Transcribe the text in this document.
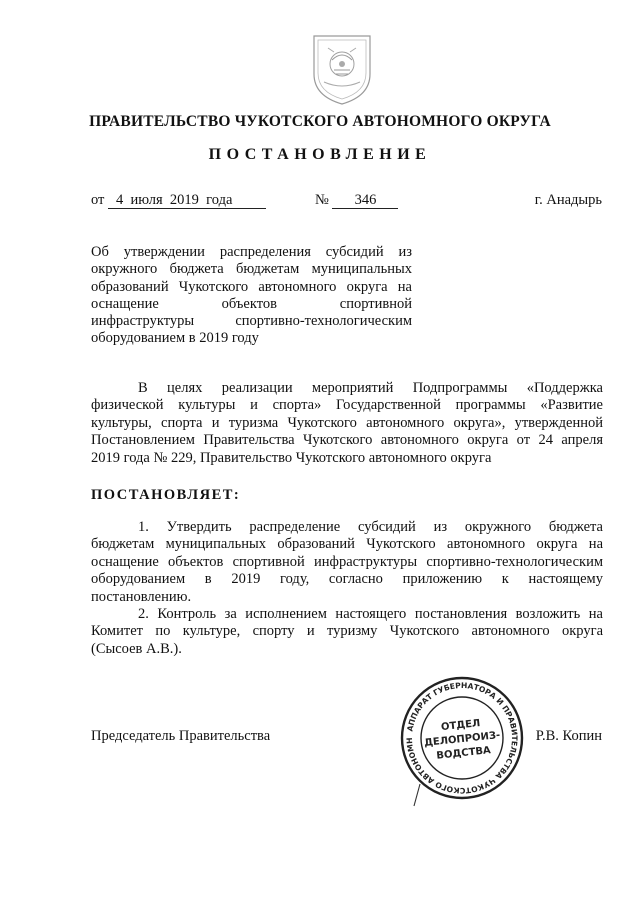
ПРАВИТЕЛЬСТВО ЧУКОТСКОГО АВТОНОМНОГО ОКРУГА
ПОСТАНОВЛЕНИЕ
от 4  июля  2019  года	№ 346	г. Анадырь
Об утверждении распределения субсидий из
окружного бюджета бюджетам муниципальных
образований Чукотского автономного округа на
оснащение объектов спортивной
инфраструктуры спортивно-технологическим
оборудованием в 2019 году
В целях реализации мероприятий Подпрограммы «Поддержка
физической культуры и спорта» Государственной программы «Развитие
культуры, спорта и туризма Чукотского автономного округа», утвержденной
Постановлением Правительства Чукотского автономного округа от 24 апреля
2019 года № 229, Правительство Чукотского автономного округа
ПОСТАНОВЛЯЕТ:
1. Утвердить распределение субсидий из окружного бюджета
бюджетам муниципальных образований Чукотского автономного округа на
оснащение объектов спортивной инфраструктуры спортивно-технологическим
оборудованием в 2019 году, согласно приложению к настоящему
постановлению.
2. Контроль за исполнением настоящего постановления возложить на
Комитет по культуре, спорту и туризму Чукотского автономного округа
(Сысоев А.В.).
Председатель Правительства	Р.В. Копин
АППАРАТ ГУБЕРНАТОРА И ПРАВИТЕЛЬСТВА ЧУКОТСКОГО АВТОНОМН
ОТДЕЛ
ДЕЛОПРОИЗ-
ВОДСТВА
